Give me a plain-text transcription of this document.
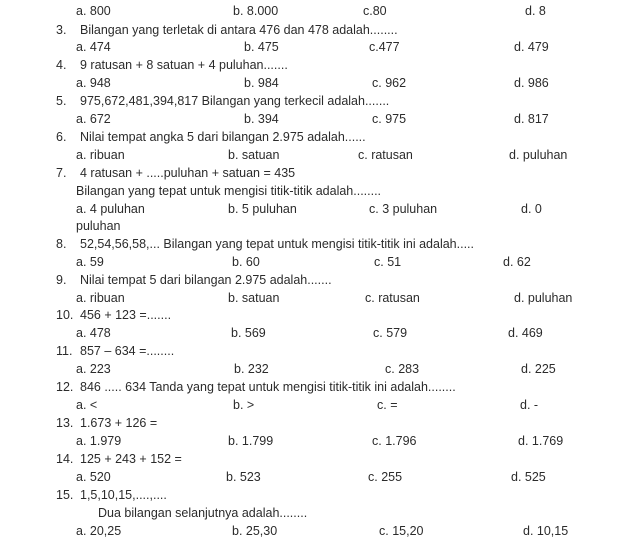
a. 800	b. 8.000	c.80	d. 8
3. Bilangan yang terletak di antara 476 dan 478 adalah........
a. 474	b. 475	c.477	d. 479
4. 9 ratusan + 8 satuan + 4 puluhan.......
a. 948	b. 984	c. 962	d. 986
5. 975,672,481,394,817 Bilangan yang terkecil adalah.......
a. 672	b. 394	c. 975	d. 817
6. Nilai tempat angka 5 dari bilangan 2.975 adalah......
a. ribuan	b. satuan	c. ratusan	d. puluhan
7. 4 ratusan + .....puluhan + satuan = 435
Bilangan yang tepat untuk mengisi titik-titik adalah........
a. 4 puluhan	b. 5 puluhan	c. 3 puluhan	d. 0
puluhan
8. 52,54,56,58,... Bilangan yang tepat untuk mengisi titik-titik ini adalah.....
a. 59	b. 60	c. 51	d. 62
9. Nilai tempat 5 dari bilangan 2.975 adalah.......
a. ribuan	b. satuan	c. ratusan	d. puluhan
10. 456 + 123 =.......
a. 478	b. 569	c. 579	d. 469
11. 857 – 634 =........
a. 223	b. 232	c. 283	d. 225
12. 846 ..... 634 Tanda yang tepat untuk mengisi titik-titik ini adalah........
a. <	b. >	c. =	d. -
13. 1.673 + 126 =
a. 1.979	b. 1.799	c. 1.796	d. 1.769
14. 125 + 243 + 152 =
a. 520	b. 523	c. 255	d. 525
15. 1,5,10,15,....,....
Dua bilangan selanjutnya adalah........
a. 20,25	b. 25,30	c. 15,20	d. 10,15
